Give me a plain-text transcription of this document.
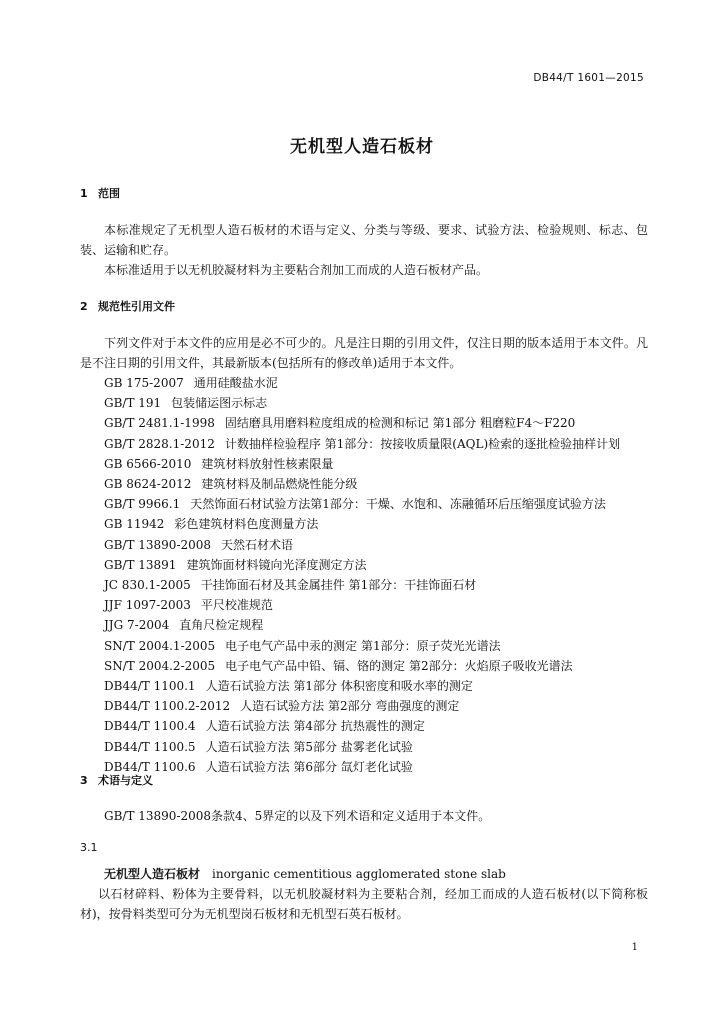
DB44/T 1601—2015
无机型人造石板材
1 范围
本标准规定了无机型人造石板材的术语与定义、分类与等级、要求、试验方法、检验规则、标志、包装、运输和贮存。
本标准适用于以无机胶凝材料为主要粘合剂加工而成的人造石板材产品。
2 规范性引用文件
下列文件对于本文件的应用是必不可少的。凡是注日期的引用文件，仅注日期的版本适用于本文件。凡是不注日期的引用文件，其最新版本(包括所有的修改单)适用于本文件。
GB 175-2007 通用硅酸盐水泥
GB/T 191 包装储运图示标志
GB/T 2481.1-1998 固结磨具用磨料粒度组成的检测和标记 第1部分 粗磨粒F4～F220
GB/T 2828.1-2012 计数抽样检验程序 第1部分：按接收质量限(AQL)检索的逐批检验抽样计划
GB 6566-2010 建筑材料放射性核素限量
GB 8624-2012 建筑材料及制品燃烧性能分级
GB/T 9966.1 天然饰面石材试验方法第1部分：干燥、水饱和、冻融循环后压缩强度试验方法
GB 11942 彩色建筑材料色度测量方法
GB/T 13890-2008 天然石材术语
GB/T 13891 建筑饰面材料镜向光泽度测定方法
JC 830.1-2005 干挂饰面石材及其金属挂件 第1部分：干挂饰面石材
JJF 1097-2003 平尺校准规范
JJG 7-2004 直角尺检定规程
SN/T 2004.1-2005 电子电气产品中汞的测定 第1部分：原子荧光光谱法
SN/T 2004.2-2005 电子电气产品中铅、镉、铬的测定 第2部分：火焰原子吸收光谱法
DB44/T 1100.1 人造石试验方法 第1部分 体积密度和吸水率的测定
DB44/T 1100.2-2012 人造石试验方法 第2部分 弯曲强度的测定
DB44/T 1100.4 人造石试验方法 第4部分 抗热震性的测定
DB44/T 1100.5 人造石试验方法 第5部分 盐雾老化试验
DB44/T 1100.6 人造石试验方法 第6部分 氙灯老化试验
3 术语与定义
GB/T 13890-2008条款4、5界定的以及下列术语和定义适用于本文件。
3.1
无机型人造石板材 inorganic cementitious agglomerated stone slab
以石材碎料、粉体为主要骨料，以无机胶凝材料为主要粘合剂，经加工而成的人造石板材(以下简称板材)，按骨料类型可分为无机型岗石板材和无机型石英石板材。
1
